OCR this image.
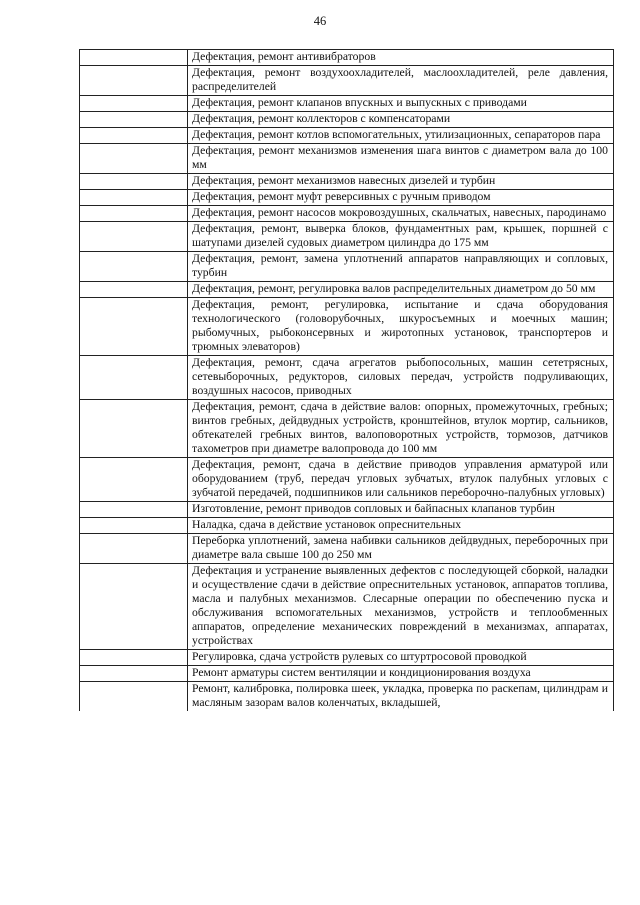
46
	Дефектация, ремонт антивибраторов
	Дефектация, ремонт воздухоохладителей, маслоохладителей, реле давления, распределителей
	Дефектация, ремонт клапанов впускных и выпускных с приводами
	Дефектация, ремонт коллекторов с компенсаторами
	Дефектация, ремонт котлов вспомогательных, утилизационных, сепараторов пара
	Дефектация, ремонт механизмов изменения шага винтов с диаметром вала до 100 мм
	Дефектация, ремонт механизмов навесных дизелей и турбин
	Дефектация, ремонт муфт реверсивных с ручным приводом
	Дефектация, ремонт насосов мокровоздушных, скальчатых, навесных, пародинамо
	Дефектация, ремонт, выверка блоков, фундаментных рам, крышек, поршней с шатупами дизелей судовых диаметром цилиндра до 175 мм
	Дефектация, ремонт, замена уплотнений аппаратов направляющих и сопловых, турбин
	Дефектация, ремонт, регулировка валов распределительных диаметром до 50 мм
	Дефектация, ремонт, регулировка, испытание и сдача оборудования технологического (головорубочных, шкуросъемных и моечных машин; рыбомучных, рыбоконсервных и жиротопных установок, транспортеров и трюмных элеваторов)
	Дефектация, ремонт, сдача агрегатов рыбопосольных, машин сететрясных, сетевыборочных, редукторов, силовых передач, устройств подруливающих, воздушных насосов, приводных
	Дефектация, ремонт, сдача в действие валов: опорных, промежуточных, гребных; винтов гребных, дейдвудных устройств, кронштейнов, втулок мортир, сальников, обтекателей гребных винтов, валоповоротных устройств, тормозов, датчиков тахометров при диаметре валопровода до 100 мм
	Дефектация, ремонт, сдача в действие приводов управления арматурой или оборудованием (труб, передач угловых зубчатых, втулок палубных угловых с зубчатой передачей, подшипников или сальников переборочно-палубных угловых)
	Изготовление, ремонт приводов сопловых и байпасных клапанов турбин
	Наладка, сдача в действие установок опреснительных
	Переборка уплотнений, замена набивки сальников дейдвудных, переборочных при диаметре вала свыше 100 до 250 мм
	Дефектация и устранение выявленных дефектов с последующей сборкой, наладки и осуществление сдачи в действие опреснительных установок, аппаратов топлива, масла и палубных механизмов. Слесарные операции по обеспечению пуска и обслуживания вспомогательных механизмов, устройств и теплообменных аппаратов, определение механических повреждений в механизмах, аппаратах, устройствах
	Регулировка, сдача устройств рулевых со штуртросовой проводкой
	Ремонт арматуры систем вентиляции и кондиционирования воздуха
	Ремонт, калибровка, полировка шеек, укладка, проверка по раскепам, цилиндрам и масляным зазорам валов коленчатых, вкладышей,
